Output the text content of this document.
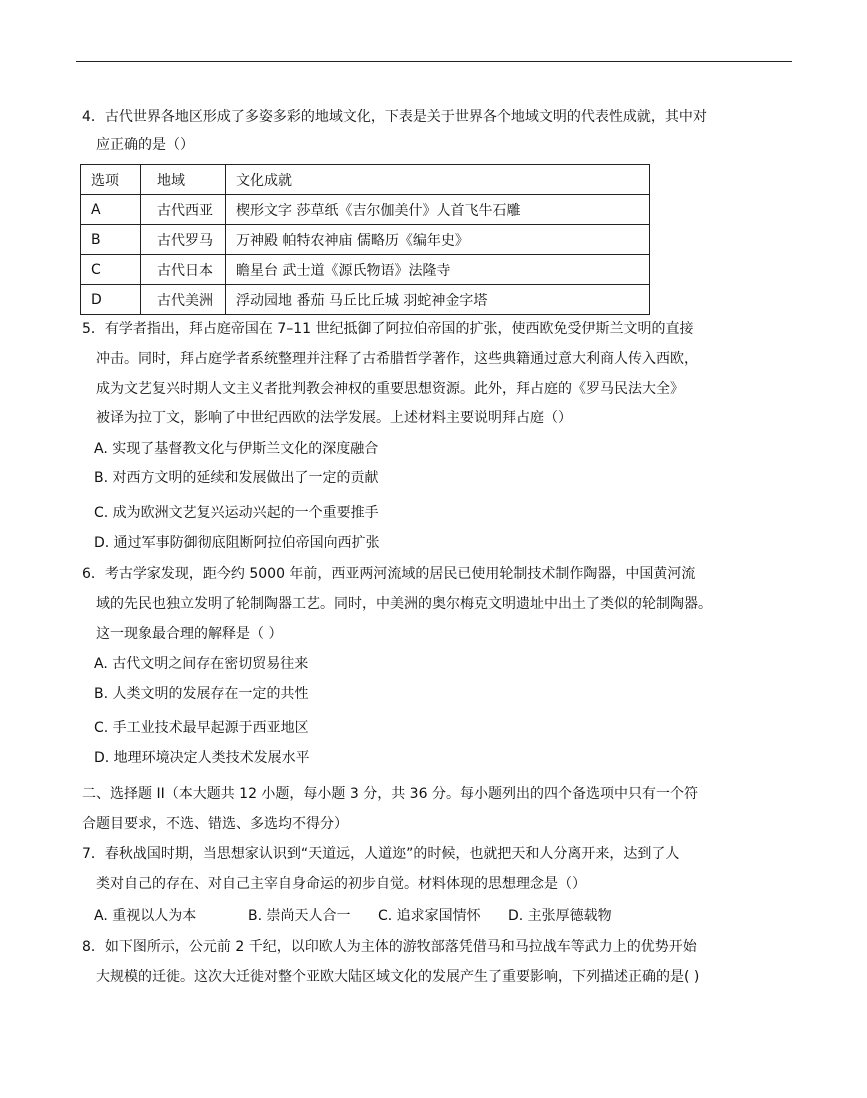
4．古代世界各地区形成了多姿多彩的地域文化，下表是关于世界各个地域文明的代表性成就，其中对
应正确的是（）
选项	地域	文化成就
A	古代西亚	楔形文字 莎草纸《吉尔伽美什》人首飞牛石雕
B	古代罗马	万神殿 帕特农神庙 儒略历《编年史》
C	古代日本	瞻星台 武士道《源氏物语》法隆寺
D	古代美洲	浮动园地 番茄 马丘比丘城 羽蛇神金字塔
5．有学者指出，拜占庭帝国在 7–11 世纪抵御了阿拉伯帝国的扩张，使西欧免受伊斯兰文明的直接
冲击。同时，拜占庭学者系统整理并注释了古希腊哲学著作，这些典籍通过意大利商人传入西欧，
成为文艺复兴时期人文主义者批判教会神权的重要思想资源。此外，拜占庭的《罗马民法大全》
被译为拉丁文，影响了中世纪西欧的法学发展。上述材料主要说明拜占庭（）
A. 实现了基督教文化与伊斯兰文化的深度融合
B. 对西方文明的延续和发展做出了一定的贡献
C. 成为欧洲文艺复兴运动兴起的一个重要推手
D. 通过军事防御彻底阻断阿拉伯帝国向西扩张
6．考古学家发现，距今约 5000 年前，西亚两河流域的居民已使用轮制技术制作陶器，中国黄河流
域的先民也独立发明了轮制陶器工艺。同时，中美洲的奥尔梅克文明遗址中出土了类似的轮制陶器。
这一现象最合理的解释是（ ）
A. 古代文明之间存在密切贸易往来
B. 人类文明的发展存在一定的共性
C. 手工业技术最早起源于西亚地区
D. 地理环境决定人类技术发展水平
二、选择题 II（本大题共 12 小题，每小题 3 分，共 36 分。每小题列出的四个备选项中只有一个符
合题目要求，不选、错选、多选均不得分）
7．春秋战国时期，当思想家认识到“天道远，人道迩”的时候，也就把天和人分离开来，达到了人
类对自己的存在、对自己主宰自身命运的初步自觉。材料体现的思想理念是（）
A. 重视以人为本	B. 崇尚天人合一 C. 追求家国情怀 D. 主张厚德载物
8．如下图所示，公元前 2 千纪，以印欧人为主体的游牧部落凭借马和马拉战车等武力上的优势开始
大规模的迁徙。这次大迁徙对整个亚欧大陆区域文化的发展产生了重要影响，下列描述正确的是( )
